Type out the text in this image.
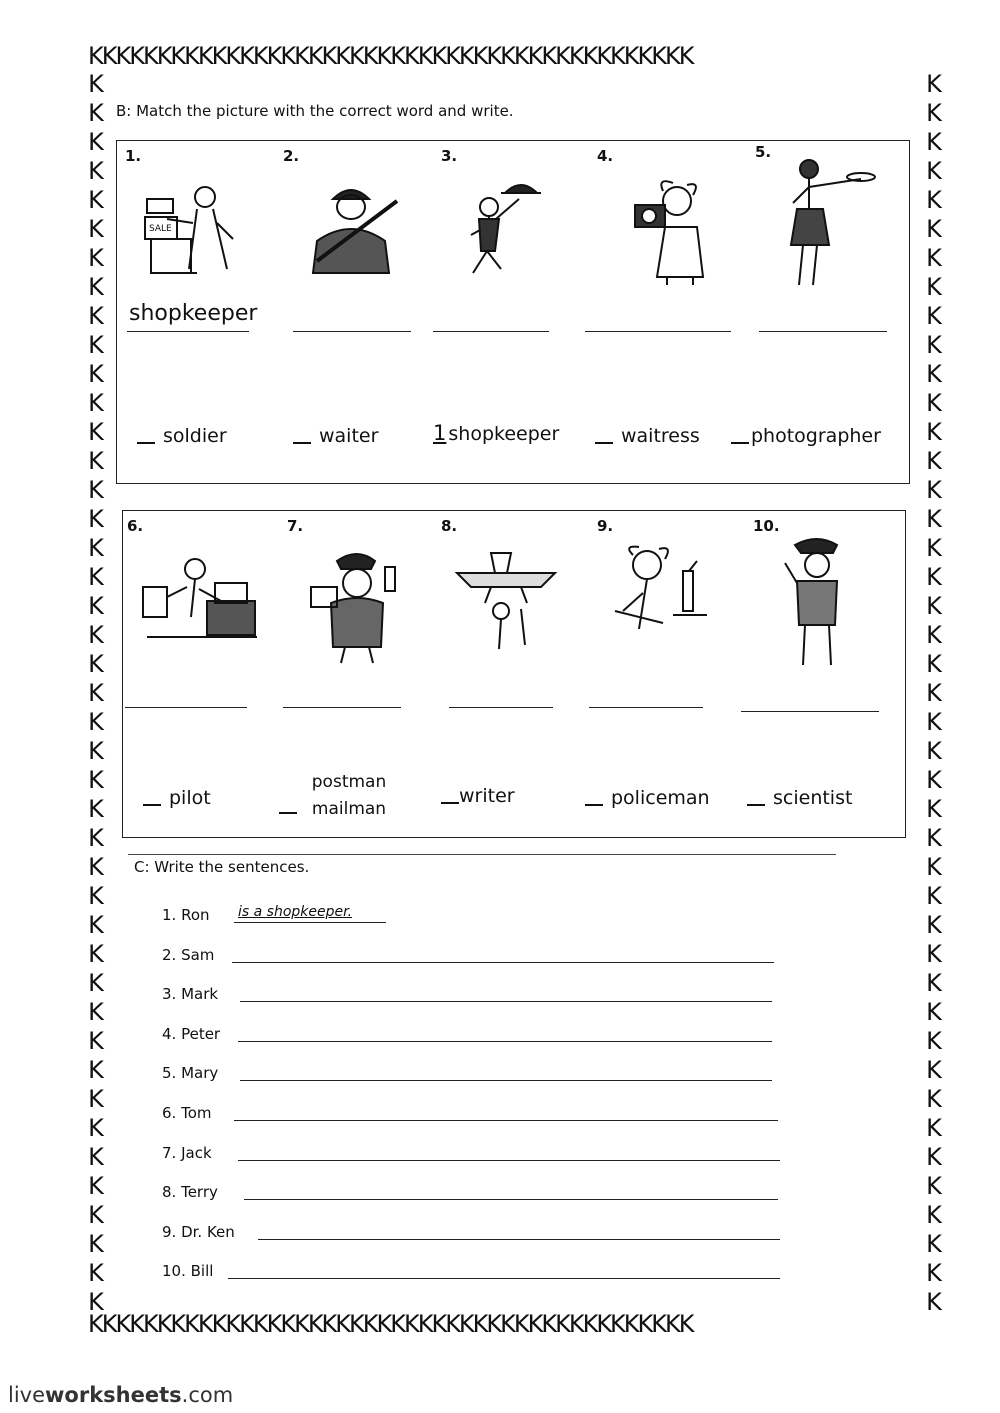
KKKKKKKKKKKKKKKKKKKKKKKKKKKKKKKKKKKKKKKKKKKK
KKKKKKKKKKKKKKKKKKKKKKKKKKKKKKKKKKKKKKKKKKKK
K
K
K
K
K
K
K
K
K
K
K
K
K
K
K
K
K
K
K
K
K
K
K
K
K
K
K
K
K
K
K
K
K
K
K
K
K
K
K
K
K
K
K

K
K
K
K
K
K
K
K
K
K
K
K
K
K
K
K
K
K
K
K
K
K
K
K
K
K
K
K
K
K
K
K
K
K
K
K
K
K
K
K
K
K
K

B: Match the picture with the correct word and write.
1.	2.	3.	4.	5.
SALE
shopkeeper
soldier	waiter	1 shopkeeper	waitress	photographer
6.	7.	8.	9.	10.
pilot
postman
mailman
writer	policeman	scientist
C: Write the sentences.
1. Ron
2. Sam
3. Mark
4. Peter
5. Mary
6. Tom
7. Jack
8. Terry
9. Dr. Ken
10. Bill
is a shopkeeper.
liveworksheets.com
